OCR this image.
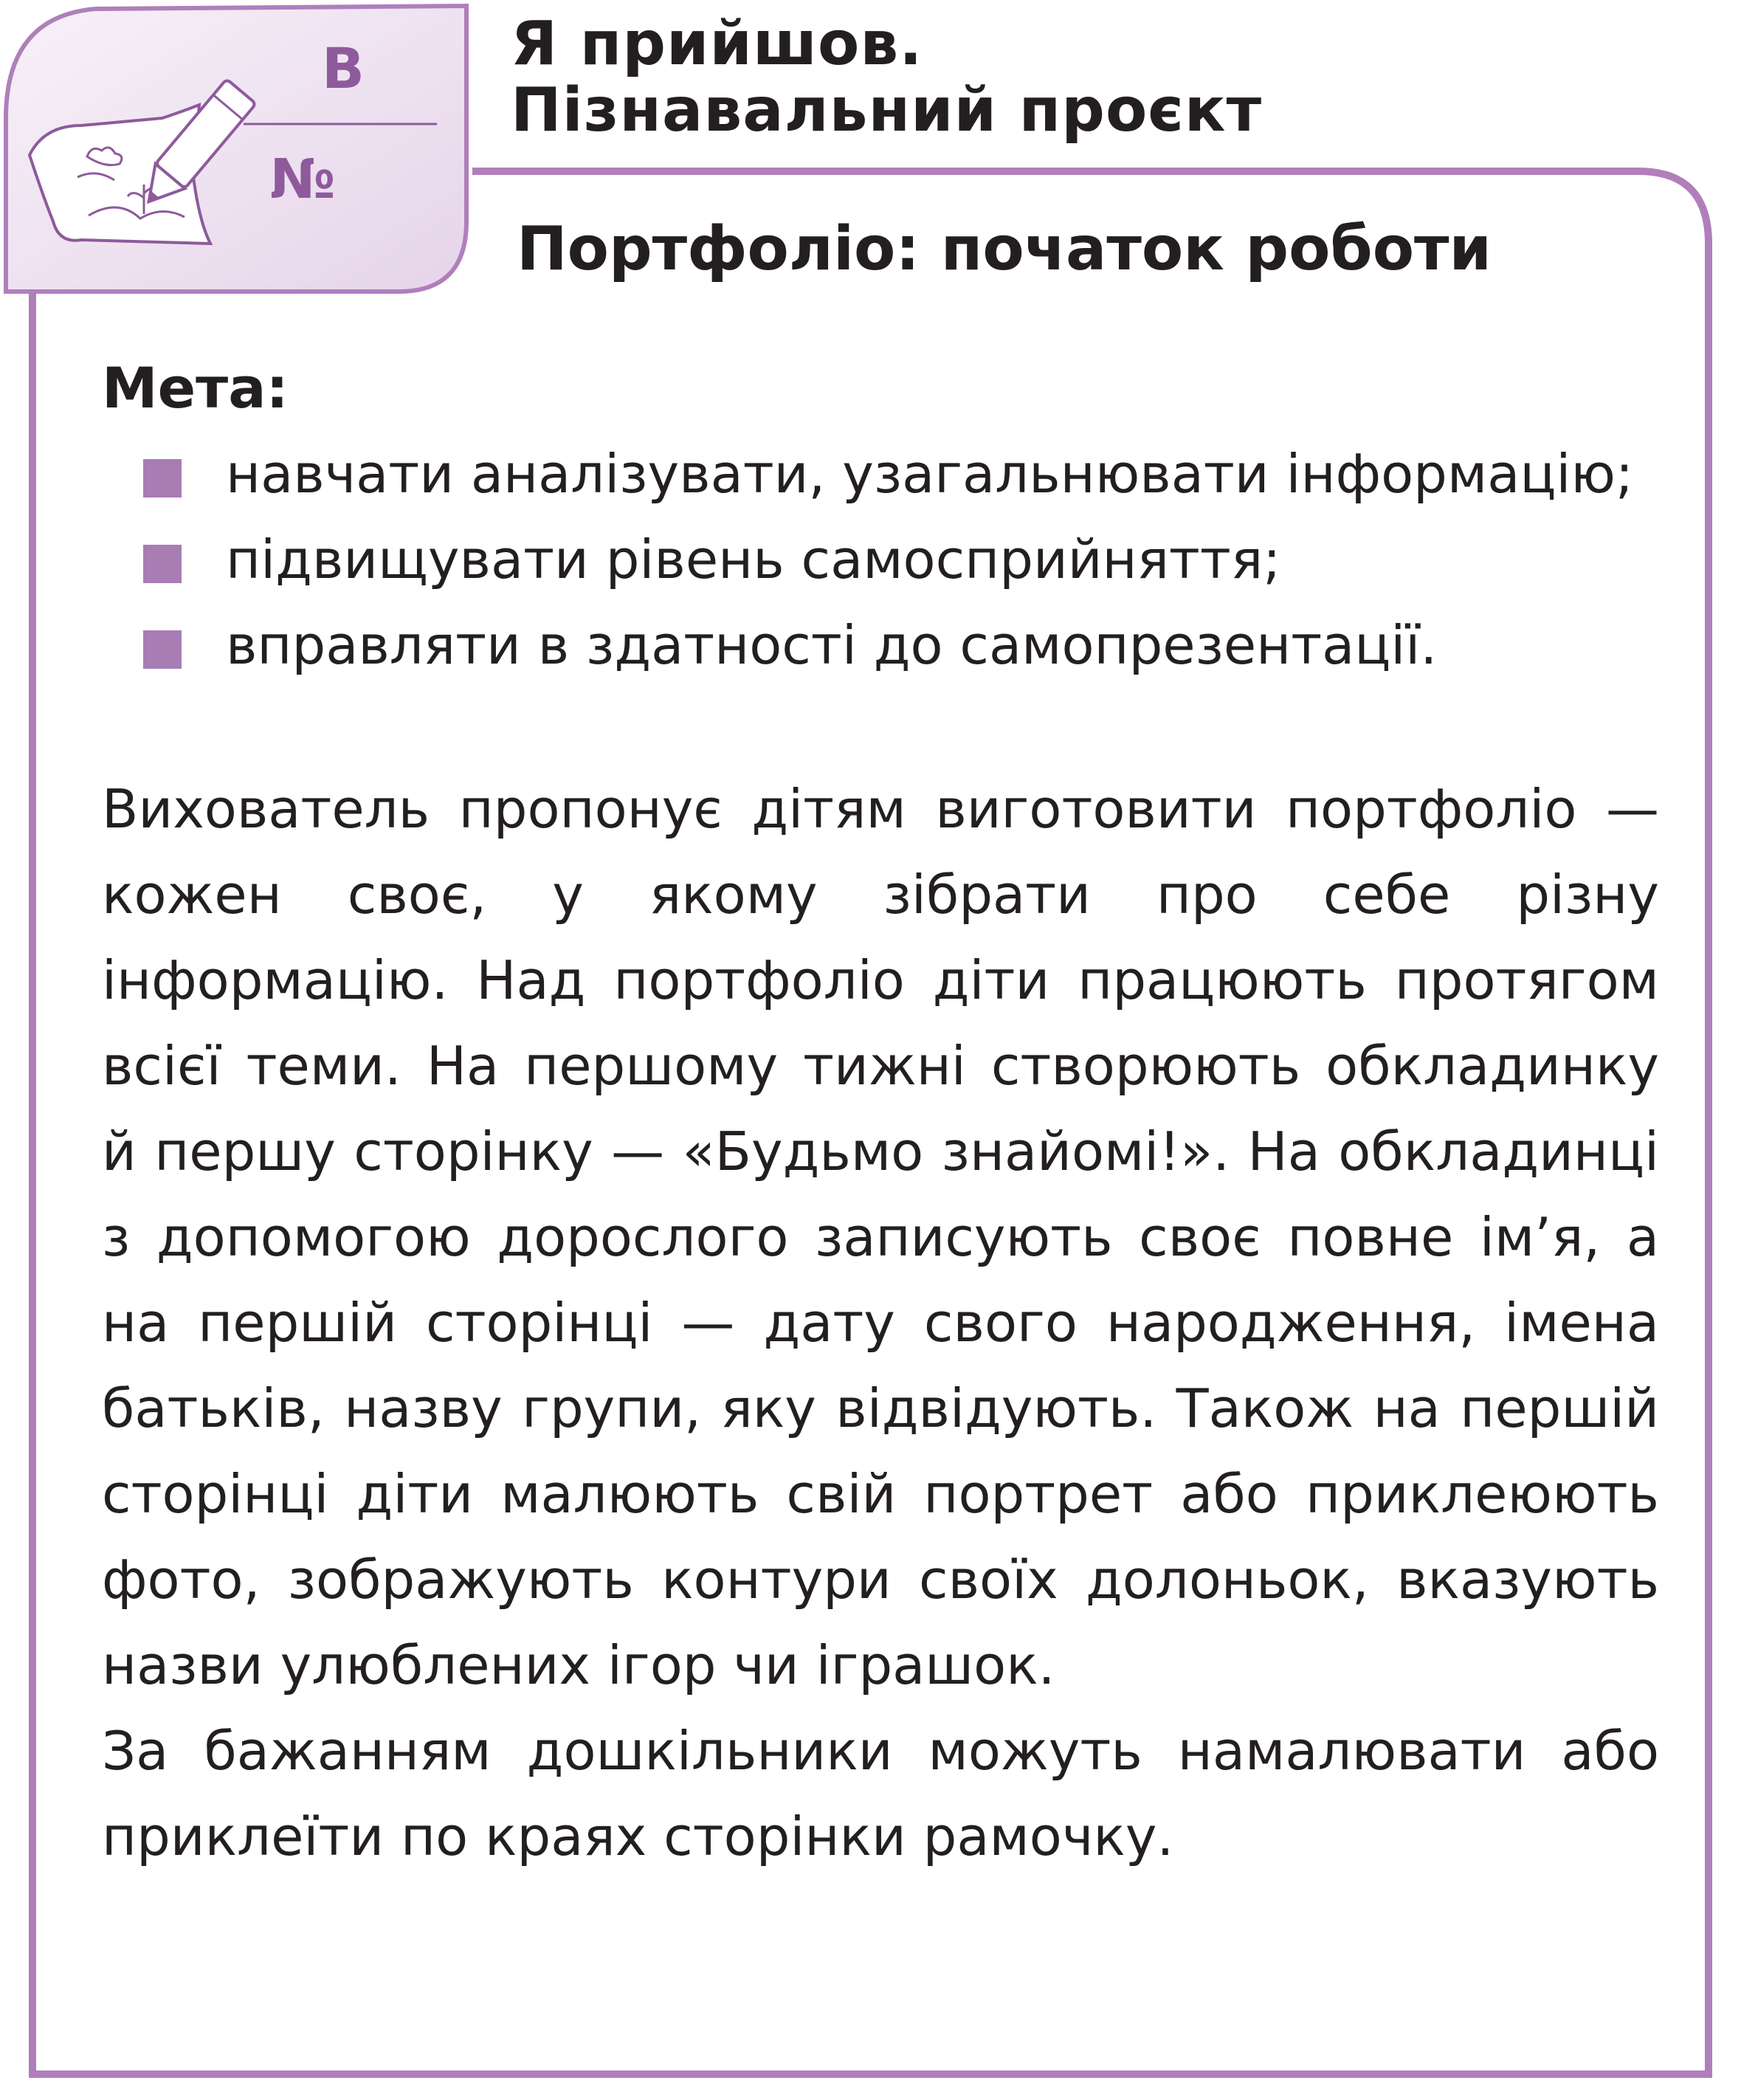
В
№
Я прийшов.
Пізнавальний проєкт
Портфоліо: початок роботи

Мета:

навчати аналізувати, узагальнювати інформацію;
підвищувати рівень самосприйняття;
вправляти в здатності до самопрезентації.

Вихователь пропонує дітям виготовити портфоліо — кожен своє, у якому зібрати про себе різну інформацію. Над портфоліо діти працюють протягом всієї теми. На першому тижні створюють обкладинку й першу сторінку — «Будьмо знайомі!». На обкладинці з допомогою дорослого записують своє повне ім’я, а на першій сторінці — дату свого народження, імена батьків, назву групи, яку відвідують. Також на першій сторінці діти малюють свій портрет або приклеюють фото, зображують контури своїх долоньок, вказують назви улюблених ігор чи іграшок.

За бажанням дошкільники можуть намалювати або приклеїти по краях сторінки рамочку.
